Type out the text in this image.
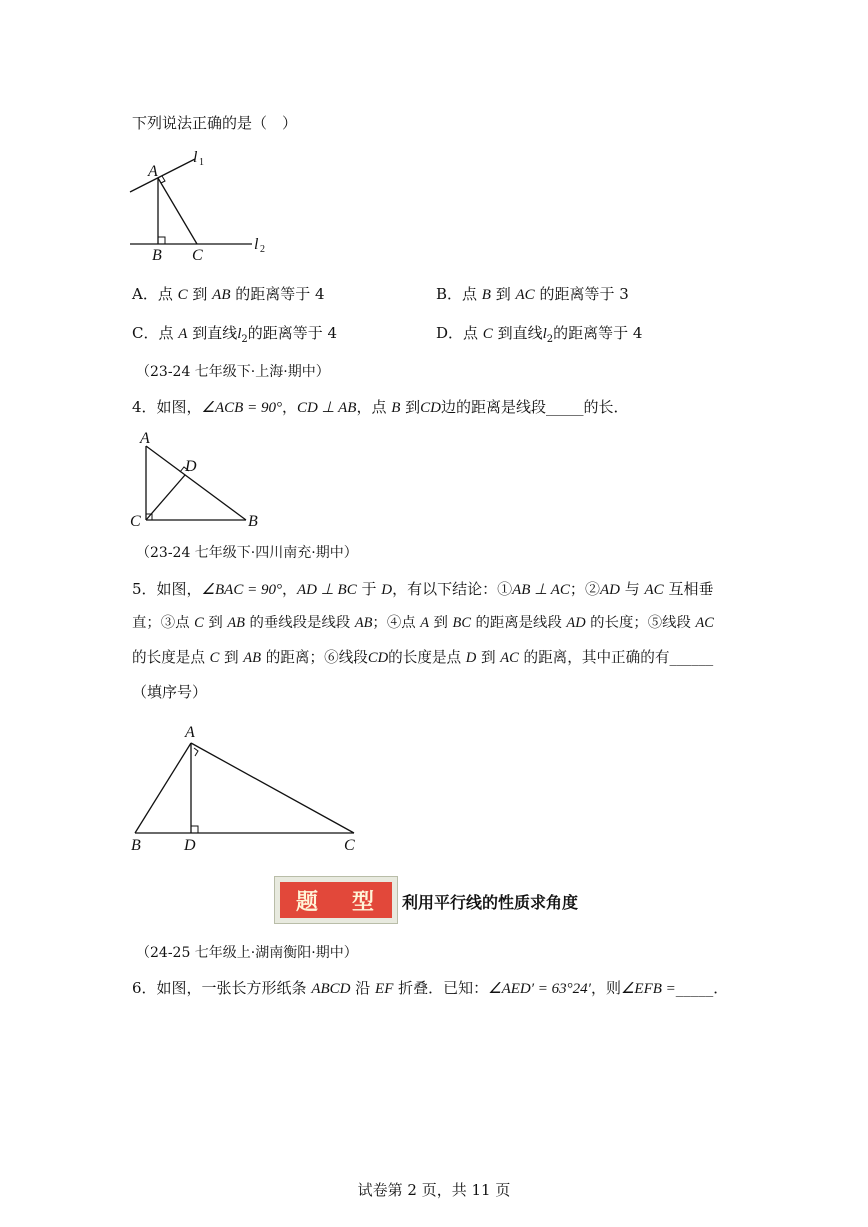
下列说法正确的是（　）
A
B C
l 1
l 2
A．点 C 到 AB 的距离等于 4	B．点 B 到 AC 的距离等于 3
C．点 A 到直线$l_2$的距离等于 4	D．点 C 到直线$l_2$的距离等于 4
（23-24 七年级下·上海·期中）
4．如图，∠ACB = 90°，CD ⊥ AB，点 B 到CD边的距离是线段_____的长．
A
D
C	B
（23-24 七年级下·四川南充·期中）
5．如图，∠BAC = 90°，AD ⊥ BC 于 D，有以下结论：①AB ⊥ AC；②AD 与 AC 互相垂
直；③点 C 到 AB 的垂线段是线段 AB；④点 A 到 BC 的距离是线段 AD 的长度；⑤线段 AC
的长度是点 C 到 AB 的距离；⑥线段CD的长度是点 D 到 AC 的距离，其中正确的有______
（填序号）
A
B	D	C
题 型 利用平行线的性质求角度
（24-25 七年级上·湖南衡阳·期中）
6．如图，一张长方形纸条 ABCD 沿 EF 折叠．已知：∠AED′ = 63°24′，则∠EFB =_____．
试卷第 2 页，共 11 页
